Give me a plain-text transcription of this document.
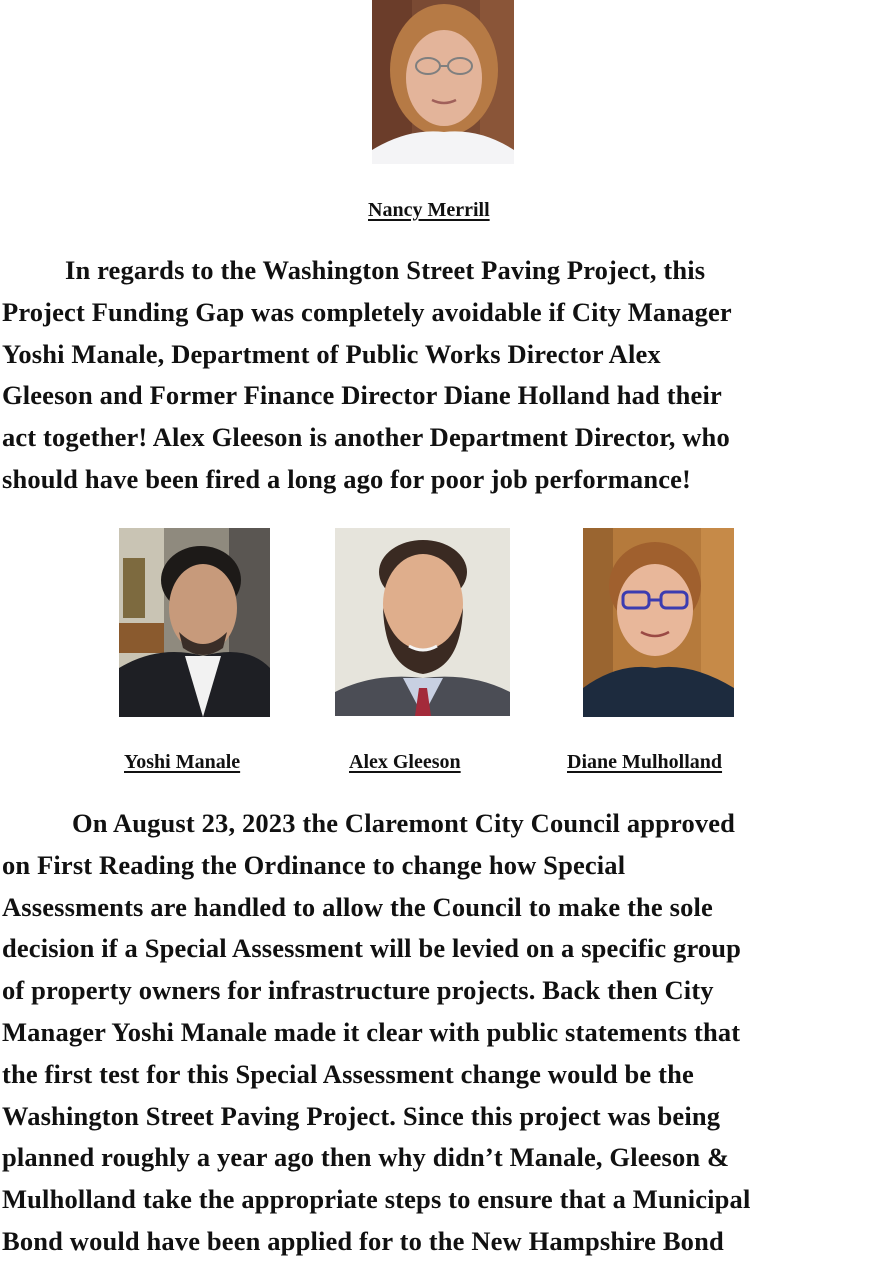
Nancy Merrill
In regards to the Washington Street Paving Project, this
Project Funding Gap was completely avoidable if City Manager
Yoshi Manale, Department of Public Works Director Alex
Gleeson and Former Finance Director Diane Holland had their
act together! Alex Gleeson is another Department Director, who
should have been fired a long ago for poor job performance!
Yoshi Manale	Alex Gleeson	Diane Mulholland
On August 23, 2023 the Claremont City Council approved
on First Reading the Ordinance to change how Special
Assessments are handled to allow the Council to make the sole
decision if a Special Assessment will be levied on a specific group
of property owners for infrastructure projects. Back then City
Manager Yoshi Manale made it clear with public statements that
the first test for this Special Assessment change would be the
Washington Street Paving Project. Since this project was being
planned roughly a year ago then why didn’t Manale, Gleeson &
Mulholland take the appropriate steps to ensure that a Municipal
Bond would have been applied for to the New Hampshire Bond
